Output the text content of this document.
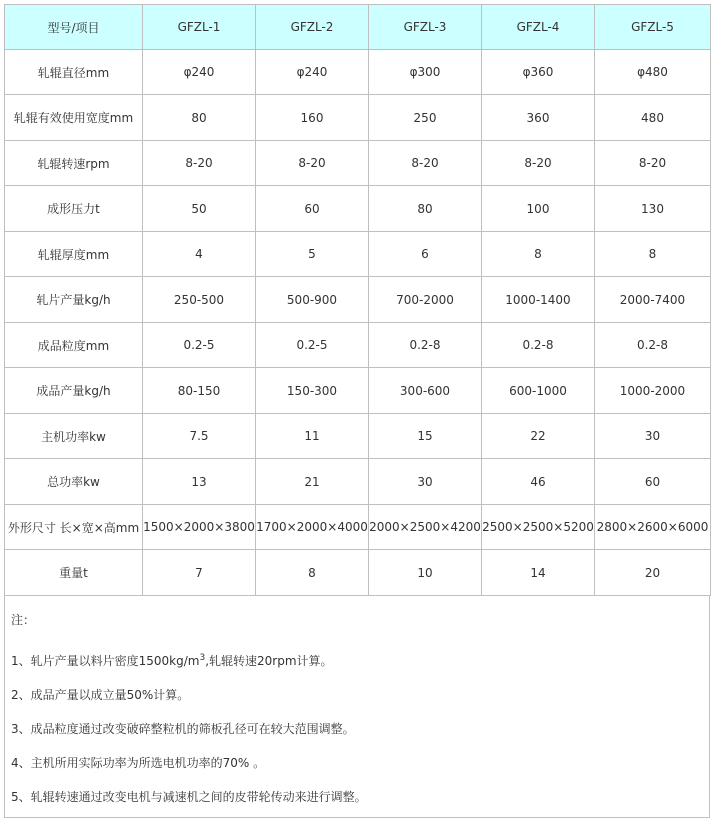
型号/项目	GFZL-1	GFZL-2	GFZL-3	GFZL-4	GFZL-5
轧辊直径mm	φ240	φ240	φ300	φ360	φ480
轧辊有效使用宽度mm	80	160	250	360	480
轧辊转速rpm	8-20	8-20	8-20	8-20	8-20
成形压力t	50	60	80	100	130
轧辊厚度mm	4	5	6	8	8
轧片产量kg/h	250-500	500-900	700-2000	1000-1400	2000-7400
成品粒度mm	0.2-5	0.2-5	0.2-8	0.2-8	0.2-8
成品产量kg/h	80-150	150-300	300-600	600-1000	1000-2000
主机功率kw	7.5	11	15	22	30
总功率kw	13	21	30	46	60
外形尺寸 长×宽×高mm	1500×2000×3800	1700×2000×4000	2000×2500×4200	2500×2500×5200	2800×2600×6000
重量t	7	8	10	14	20

注：

1、轧片产量以料片密度$1500kg/m^3$,轧辊转速20rpm计算。

2、成品产量以成立量50%计算。

3、成品粒度通过改变破碎整粒机的筛板孔径可在较大范围调整。

4、主机所用实际功率为所选电机功率的70% 。

5、轧辊转速通过改变电机与减速机之间的皮带轮传动来进行调整。
